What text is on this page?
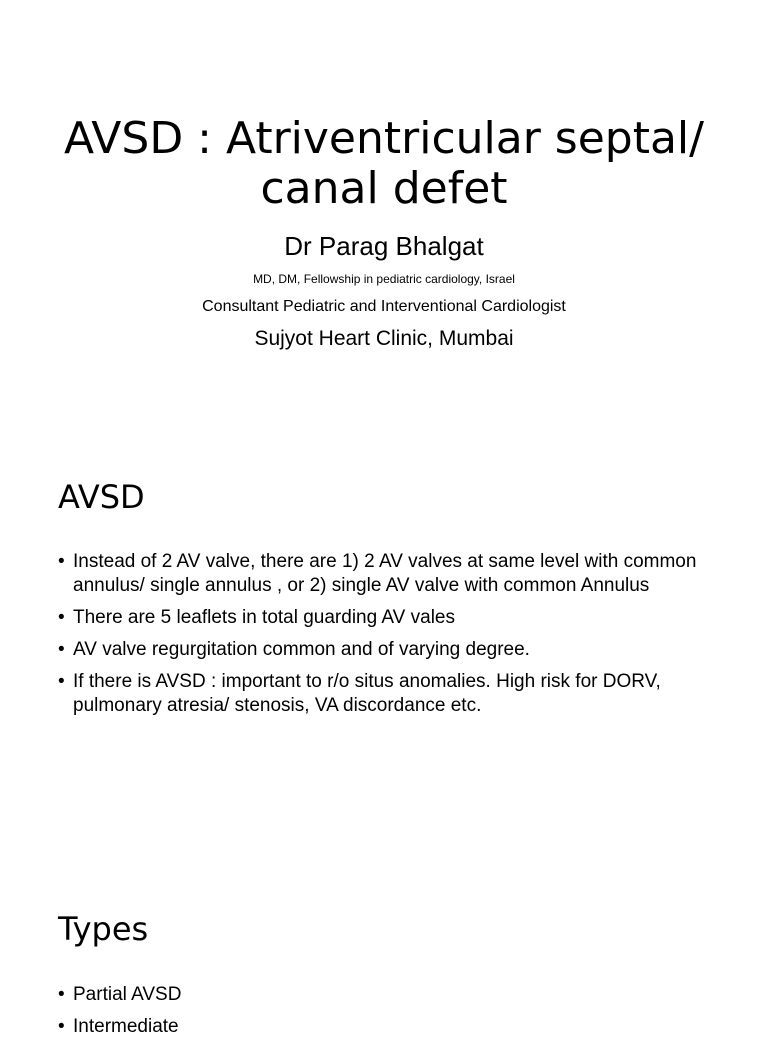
AVSD : Atriventricular septal/ canal defet

Dr Parag Bhalgat

MD, DM, Fellowship in pediatric cardiology, Israel

Consultant Pediatric and Interventional Cardiologist

Sujyot Heart Clinic, Mumbai

AVSD
• Instead of 2 AV valve, there are 1) 2 AV valves at same level with common annulus/ single annulus , or 2) single AV valve with common Annulus
• There are 5 leaflets in total guarding AV vales
• AV valve regurgitation common and of varying degree.
• If there is AVSD : important to r/o situs anomalies. High risk for DORV, pulmonary atresia/ stenosis, VA discordance etc.
Types
• Partial AVSD
• Intermediate
